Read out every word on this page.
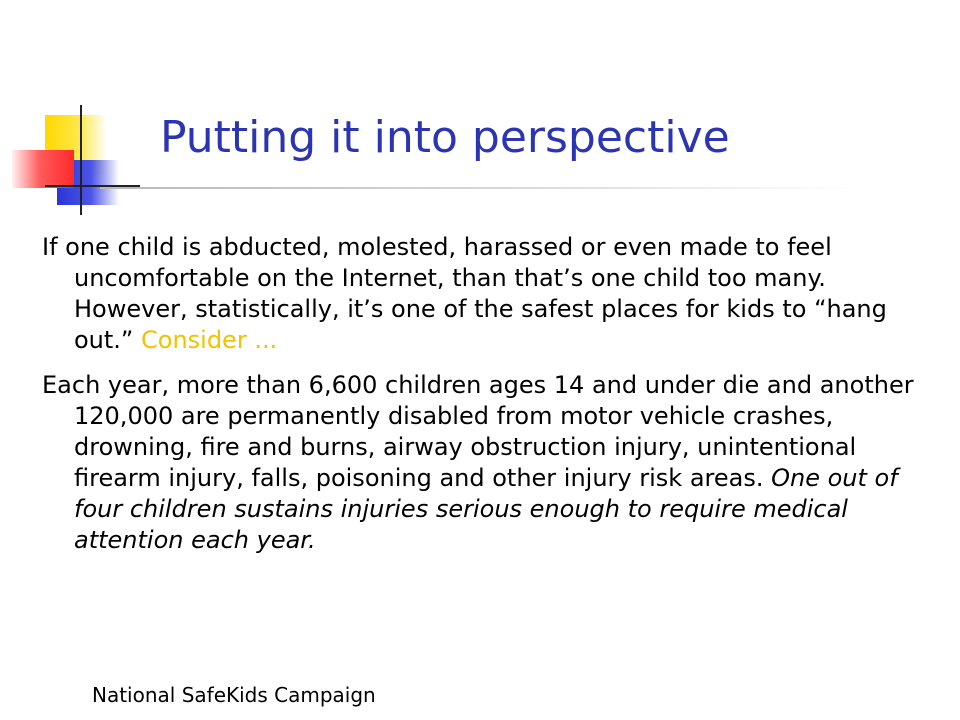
Putting it into perspective

If one child is abducted, molested, harassed or even made to feel uncomfortable on the Internet, than that’s one child too many. However, statistically, it’s one of the safest places for kids to “hang out.” Consider ...

Each year, more than 6,600 children ages 14 and under die and another 120,000 are permanently disabled from motor vehicle crashes, drowning, fire and burns, airway obstruction injury, unintentional firearm injury, falls, poisoning and other injury risk areas. One out of four children sustains injuries serious enough to require medical attention each year.

National SafeKids Campaign
